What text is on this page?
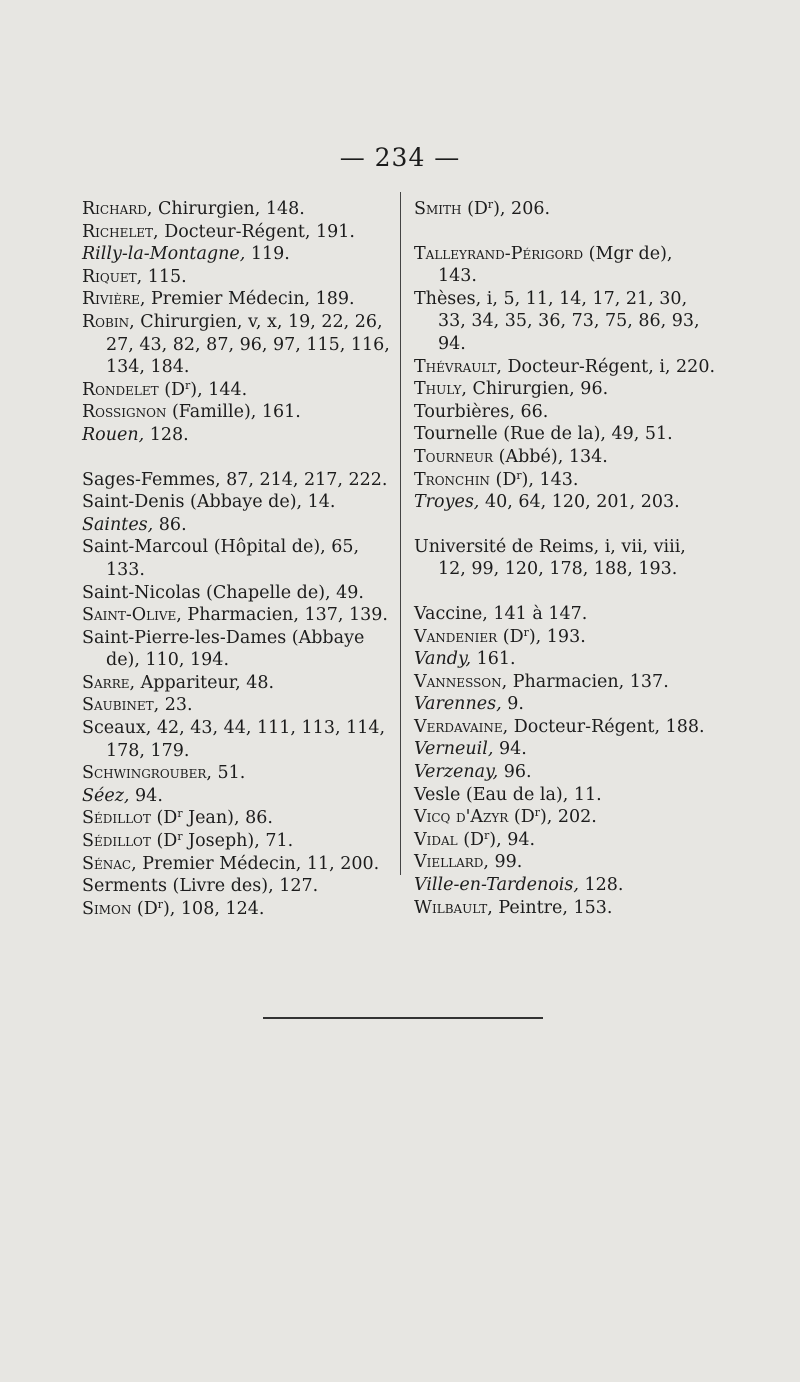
— 234 —
Richard, Chirurgien, 148.
Richelet, Docteur-Régent, 191.
Rilly-la-Montagne, 119.
Riquet, 115.
Rivière, Premier Médecin, 189.
Robin, Chirurgien, v, x, 19, 22, 26, 27, 43, 82, 87, 96, 97, 115, 116, 134, 184.
Rondelet $(D^r)$, 144.
Rossignon (Famille), 161.
Rouen, 128.
Sages-Femmes, 87, 214, 217, 222.
Saint-Denis (Abbaye de), 14.
Saintes, 86.
Saint-Marcoul (Hôpital de), 65, 133.
Saint-Nicolas (Chapelle de), 49.
Saint-Olive, Pharmacien, 137, 139.
Saint-Pierre-les-Dames (Abbaye de), 110, 194.
Sarre, Appariteur, 48.
Saubinet, 23.
Sceaux, 42, 43, 44, 111, 113, 114, 178, 179.
Schwingrouber, 51.
Séez, 94.
Sédillot ($D^r$ Jean), 86.
Sédillot ($D^r$ Joseph), 71.
Sénac, Premier Médecin, 11, 200.
Serments (Livre des), 127.
Simon $(D^r)$, 108, 124.
Smith $(D^r)$, 206.
Talleyrand-Périgord (Mgr de), 143.
Thèses, i, 5, 11, 14, 17, 21, 30, 33, 34, 35, 36, 73, 75, 86, 93, 94.
Thévrault, Docteur-Régent, i, 220.
Thuly, Chirurgien, 96.
Tourbières, 66.
Tournelle (Rue de la), 49, 51.
Tourneur (Abbé), 134.
Tronchin $(D^r)$, 143.
Troyes, 40, 64, 120, 201, 203.
Université de Reims, i, vii, viii, 12, 99, 120, 178, 188, 193.
Vaccine, 141 à 147.
Vandenier $(D^r)$, 193.
Vandy, 161.
Vannesson, Pharmacien, 137.
Varennes, 9.
Verdavaine, Docteur-Régent, 188.
Verneuil, 94.
Verzenay, 96.
Vesle (Eau de la), 11.
Vicq d'Azyr $(D^r)$, 202.
Vidal $(D^r)$, 94.
Viellard, 99.
Ville-en-Tardenois, 128.
Wilbault, Peintre, 153.
